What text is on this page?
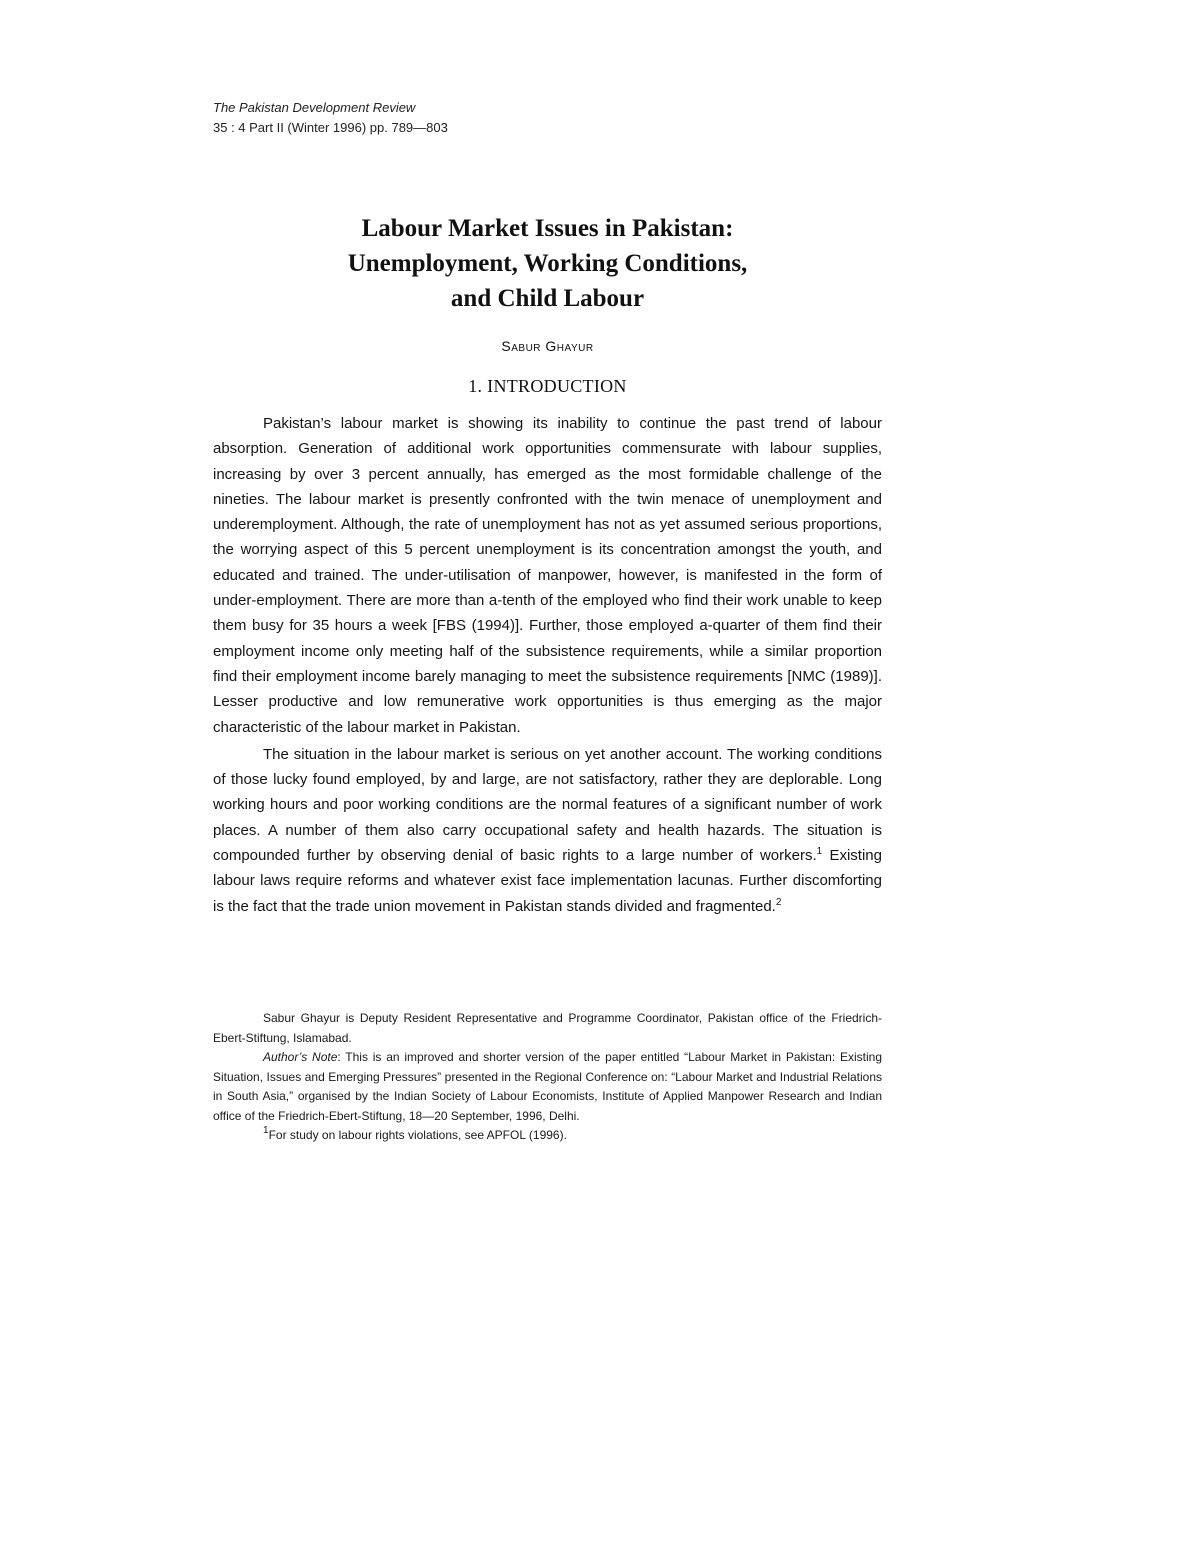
The Pakistan Development Review
35 : 4 Part II (Winter 1996) pp. 789—803
Labour Market Issues in Pakistan:
Unemployment, Working Conditions,
and Child Labour
Sabur Ghayur
1. INTRODUCTION

Pakistan’s labour market is showing its inability to continue the past trend of labour absorption. Generation of additional work opportunities commensurate with labour supplies, increasing by over 3 percent annually, has emerged as the most formidable challenge of the nineties. The labour market is presently confronted with the twin menace of unemployment and underemployment. Although, the rate of unemployment has not as yet assumed serious proportions, the worrying aspect of this 5 percent unemployment is its concentration amongst the youth, and educated and trained. The under-utilisation of manpower, however, is manifested in the form of under-employment. There are more than a-tenth of the employed who find their work unable to keep them busy for 35 hours a week [FBS (1994)]. Further, those employed a-quarter of them find their employment income only meeting half of the subsistence requirements, while a similar proportion find their employment income barely managing to meet the subsistence requirements [NMC (1989)]. Lesser productive and low remunerative work opportunities is thus emerging as the major characteristic of the labour market in Pakistan.

The situation in the labour market is serious on yet another account. The working conditions of those lucky found employed, by and large, are not satisfactory, rather they are deplorable. Long working hours and poor working conditions are the normal features of a significant number of work places. A number of them also carry occupational safety and health hazards. The situation is compounded further by observing denial of basic rights to a large number of workers.$^1$ Existing labour laws require reforms and whatever exist face implementation lacunas. Further discomforting is the fact that the trade union movement in Pakistan stands divided and fragmented.$^2$

Sabur Ghayur is Deputy Resident Representative and Programme Coordinator, Pakistan office of the Friedrich-Ebert-Stiftung, Islamabad.

Author’s Note: This is an improved and shorter version of the paper entitled “Labour Market in Pakistan: Existing Situation, Issues and Emerging Pressures” presented in the Regional Conference on: “Labour Market and Industrial Relations in South Asia,” organised by the Indian Society of Labour Economists, Institute of Applied Manpower Research and Indian office of the Friedrich-Ebert-Stiftung, 18—20 September, 1996, Delhi.

$^1$For study on labour rights violations, see APFOL (1996).
